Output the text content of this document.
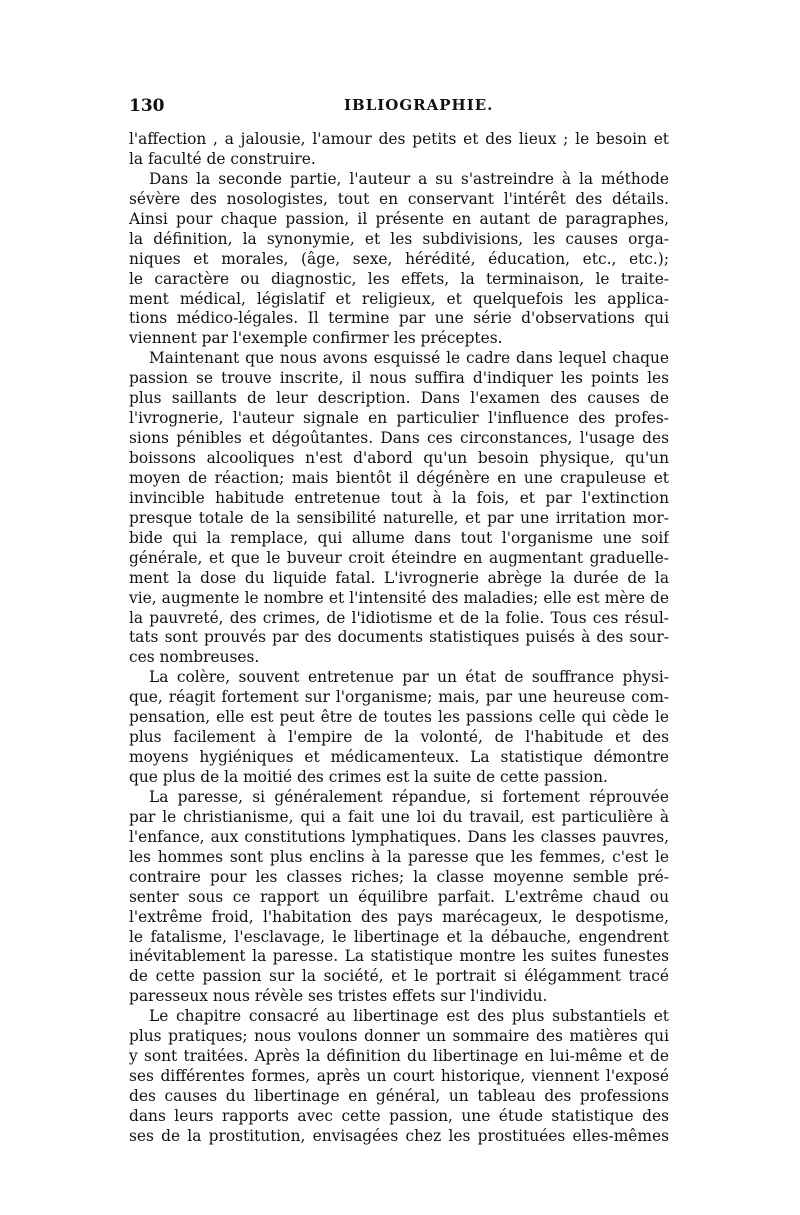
130	IBLIOGRAPHIE.
l'affection , a jalousie, l'amour des petits et des lieux ; le besoin et
la faculté de construire.
Dans la seconde partie, l'auteur a su s'astreindre à la méthode
sévère des nosologistes, tout en conservant l'intérêt des détails.
Ainsi pour chaque passion, il présente en autant de paragraphes,
la définition, la synonymie, et les subdivisions, les causes orga-
niques et morales, (âge, sexe, hérédité, éducation, etc., etc.);
le caractère ou diagnostic, les effets, la terminaison, le traite-
ment médical, législatif et religieux, et quelquefois les applica-
tions médico-légales. Il termine par une série d'observations qui
viennent par l'exemple confirmer les préceptes.
Maintenant que nous avons esquissé le cadre dans lequel chaque
passion se trouve inscrite, il nous suffira d'indiquer les points les
plus saillants de leur description. Dans l'examen des causes de
l'ivrognerie, l'auteur signale en particulier l'influence des profes-
sions pénibles et dégoûtantes. Dans ces circonstances, l'usage des
boissons alcooliques n'est d'abord qu'un besoin physique, qu'un
moyen de réaction; mais bientôt il dégénère en une crapuleuse et
invincible habitude entretenue tout à la fois, et par l'extinction
presque totale de la sensibilité naturelle, et par une irritation mor-
bide qui la remplace, qui allume dans tout l'organisme une soif
générale, et que le buveur croit éteindre en augmentant graduelle-
ment la dose du liquide fatal. L'ivrognerie abrège la durée de la
vie, augmente le nombre et l'intensité des maladies; elle est mère de
la pauvreté, des crimes, de l'idiotisme et de la folie. Tous ces résul-
tats sont prouvés par des documents statistiques puisés à des sour-
ces nombreuses.
La colère, souvent entretenue par un état de souffrance physi-
que, réagit fortement sur l'organisme; mais, par une heureuse com-
pensation, elle est peut être de toutes les passions celle qui cède le
plus facilement à l'empire de la volonté, de l'habitude et des
moyens hygiéniques et médicamenteux. La statistique démontre
que plus de la moitié des crimes est la suite de cette passion.
La paresse, si généralement répandue, si fortement réprouvée
par le christianisme, qui a fait une loi du travail, est particulière à
l'enfance, aux constitutions lymphatiques. Dans les classes pauvres,
les hommes sont plus enclins à la paresse que les femmes, c'est le
contraire pour les classes riches; la classe moyenne semble pré-
senter sous ce rapport un équilibre parfait. L'extrême chaud ou
l'extrême froid, l'habitation des pays marécageux, le despotisme,
le fatalisme, l'esclavage, le libertinage et la débauche, engendrent
inévitablement la paresse. La statistique montre les suites funestes
de cette passion sur la société, et le portrait si élégamment tracé
paresseux nous révèle ses tristes effets sur l'individu.
Le chapitre consacré au libertinage est des plus substantiels et
plus pratiques; nous voulons donner un sommaire des matières qui
y sont traitées. Après la définition du libertinage en lui-même et de
ses différentes formes, après un court historique, viennent l'exposé
des causes du libertinage en général, un tableau des professions
dans leurs rapports avec cette passion, une étude statistique des
ses de la prostitution, envisagées chez les prostituées elles-mêmes
